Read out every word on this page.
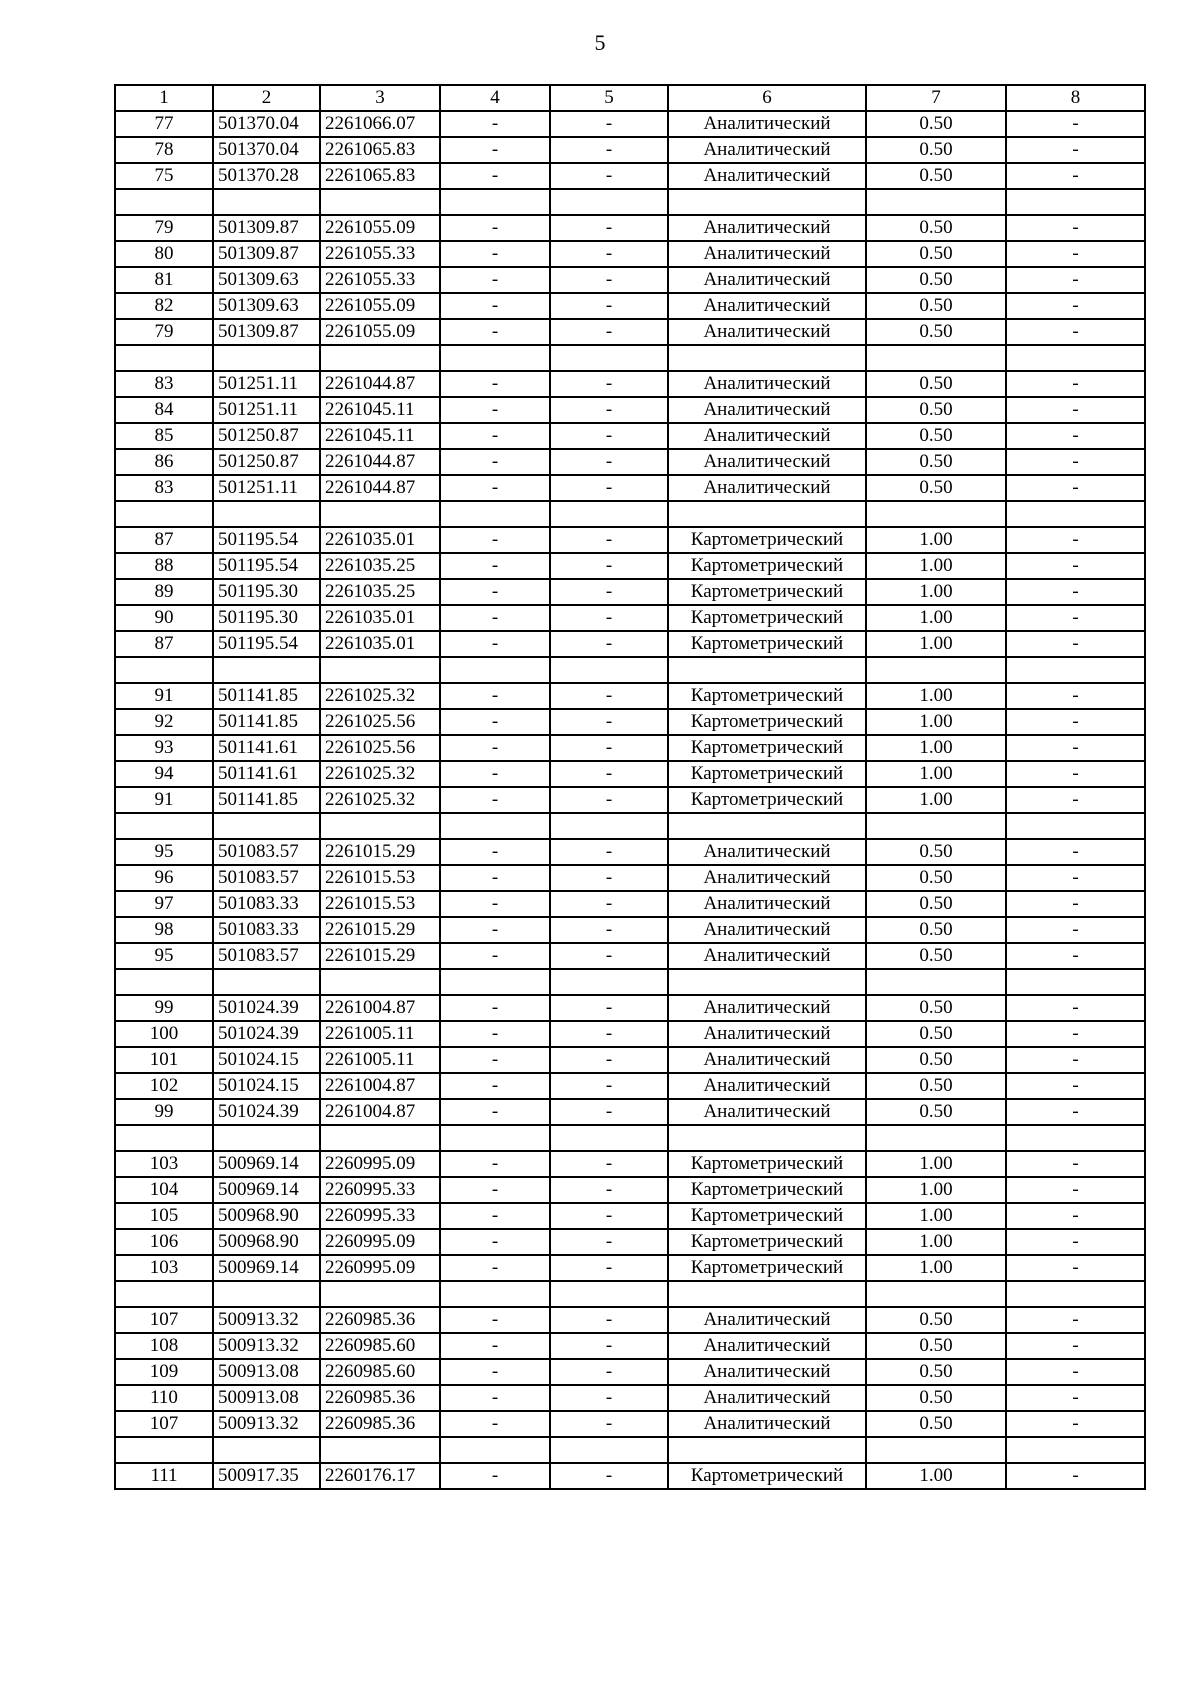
5
1	2	3	4	5	6	7	8
77	501370.04	2261066.07	-	-	Аналитический	0.50	-
78	501370.04	2261065.83	-	-	Аналитический	0.50	-
75	501370.28	2261065.83	-	-	Аналитический	0.50	-

79	501309.87	2261055.09	-	-	Аналитический	0.50	-
80	501309.87	2261055.33	-	-	Аналитический	0.50	-
81	501309.63	2261055.33	-	-	Аналитический	0.50	-
82	501309.63	2261055.09	-	-	Аналитический	0.50	-
79	501309.87	2261055.09	-	-	Аналитический	0.50	-

83	501251.11	2261044.87	-	-	Аналитический	0.50	-
84	501251.11	2261045.11	-	-	Аналитический	0.50	-
85	501250.87	2261045.11	-	-	Аналитический	0.50	-
86	501250.87	2261044.87	-	-	Аналитический	0.50	-
83	501251.11	2261044.87	-	-	Аналитический	0.50	-

87	501195.54	2261035.01	-	-	Картометрический	1.00	-
88	501195.54	2261035.25	-	-	Картометрический	1.00	-
89	501195.30	2261035.25	-	-	Картометрический	1.00	-
90	501195.30	2261035.01	-	-	Картометрический	1.00	-
87	501195.54	2261035.01	-	-	Картометрический	1.00	-

91	501141.85	2261025.32	-	-	Картометрический	1.00	-
92	501141.85	2261025.56	-	-	Картометрический	1.00	-
93	501141.61	2261025.56	-	-	Картометрический	1.00	-
94	501141.61	2261025.32	-	-	Картометрический	1.00	-
91	501141.85	2261025.32	-	-	Картометрический	1.00	-

95	501083.57	2261015.29	-	-	Аналитический	0.50	-
96	501083.57	2261015.53	-	-	Аналитический	0.50	-
97	501083.33	2261015.53	-	-	Аналитический	0.50	-
98	501083.33	2261015.29	-	-	Аналитический	0.50	-
95	501083.57	2261015.29	-	-	Аналитический	0.50	-

99	501024.39	2261004.87	-	-	Аналитический	0.50	-
100	501024.39	2261005.11	-	-	Аналитический	0.50	-
101	501024.15	2261005.11	-	-	Аналитический	0.50	-
102	501024.15	2261004.87	-	-	Аналитический	0.50	-
99	501024.39	2261004.87	-	-	Аналитический	0.50	-

103	500969.14	2260995.09	-	-	Картометрический	1.00	-
104	500969.14	2260995.33	-	-	Картометрический	1.00	-
105	500968.90	2260995.33	-	-	Картометрический	1.00	-
106	500968.90	2260995.09	-	-	Картометрический	1.00	-
103	500969.14	2260995.09	-	-	Картометрический	1.00	-

107	500913.32	2260985.36	-	-	Аналитический	0.50	-
108	500913.32	2260985.60	-	-	Аналитический	0.50	-
109	500913.08	2260985.60	-	-	Аналитический	0.50	-
110	500913.08	2260985.36	-	-	Аналитический	0.50	-
107	500913.32	2260985.36	-	-	Аналитический	0.50	-

111	500917.35	2260176.17	-	-	Картометрический	1.00	-
